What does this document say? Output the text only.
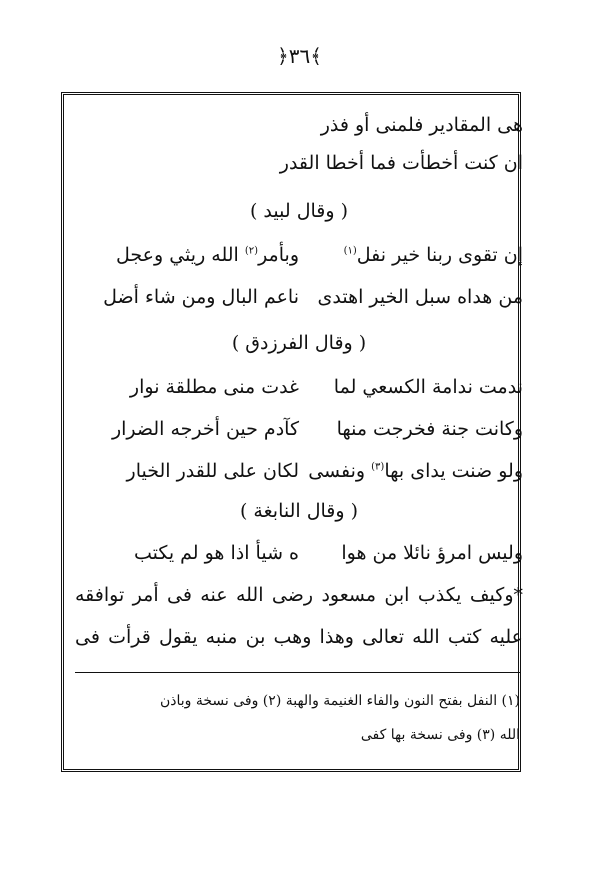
﴾٣٦﴿
هى المقادير فلمنى أو فذر
ان كنت أخطأت فما أخطا القدر
( وقال لبيد )
إن تقوى ربنا خير نفل$^{(١)}$
وبأمر$^{(٢)}$ الله ريثي وعجل
من هداه سبل الخير اهتدى
ناعم البال ومن شاء أضل
( وقال الفرزدق )
ندمت ندامة الكسعي لما
غدت منى مطلقة نوار
وكانت جنة فخرجت منها
كآدم حين أخرجه الضرار
ولو ضنت يداى بها$^{(٣)}$ ونفسى
لكان على للقدر الخيار
( وقال النابغة )
وليس امرؤ نائلا من هوا
ه شيأ اذا هو لم يكتب
*وكيف يكذب ابن مسعود رضى الله عنه فى أمر توافقه
عليه كتب الله تعالى وهذا وهب بن منبه يقول قرأت فى
(١) النفل بفتح النون والفاء الغنيمة والهبة (٢) وفى نسخة وباذن
الله (٣) وفى نسخة بها كفى
